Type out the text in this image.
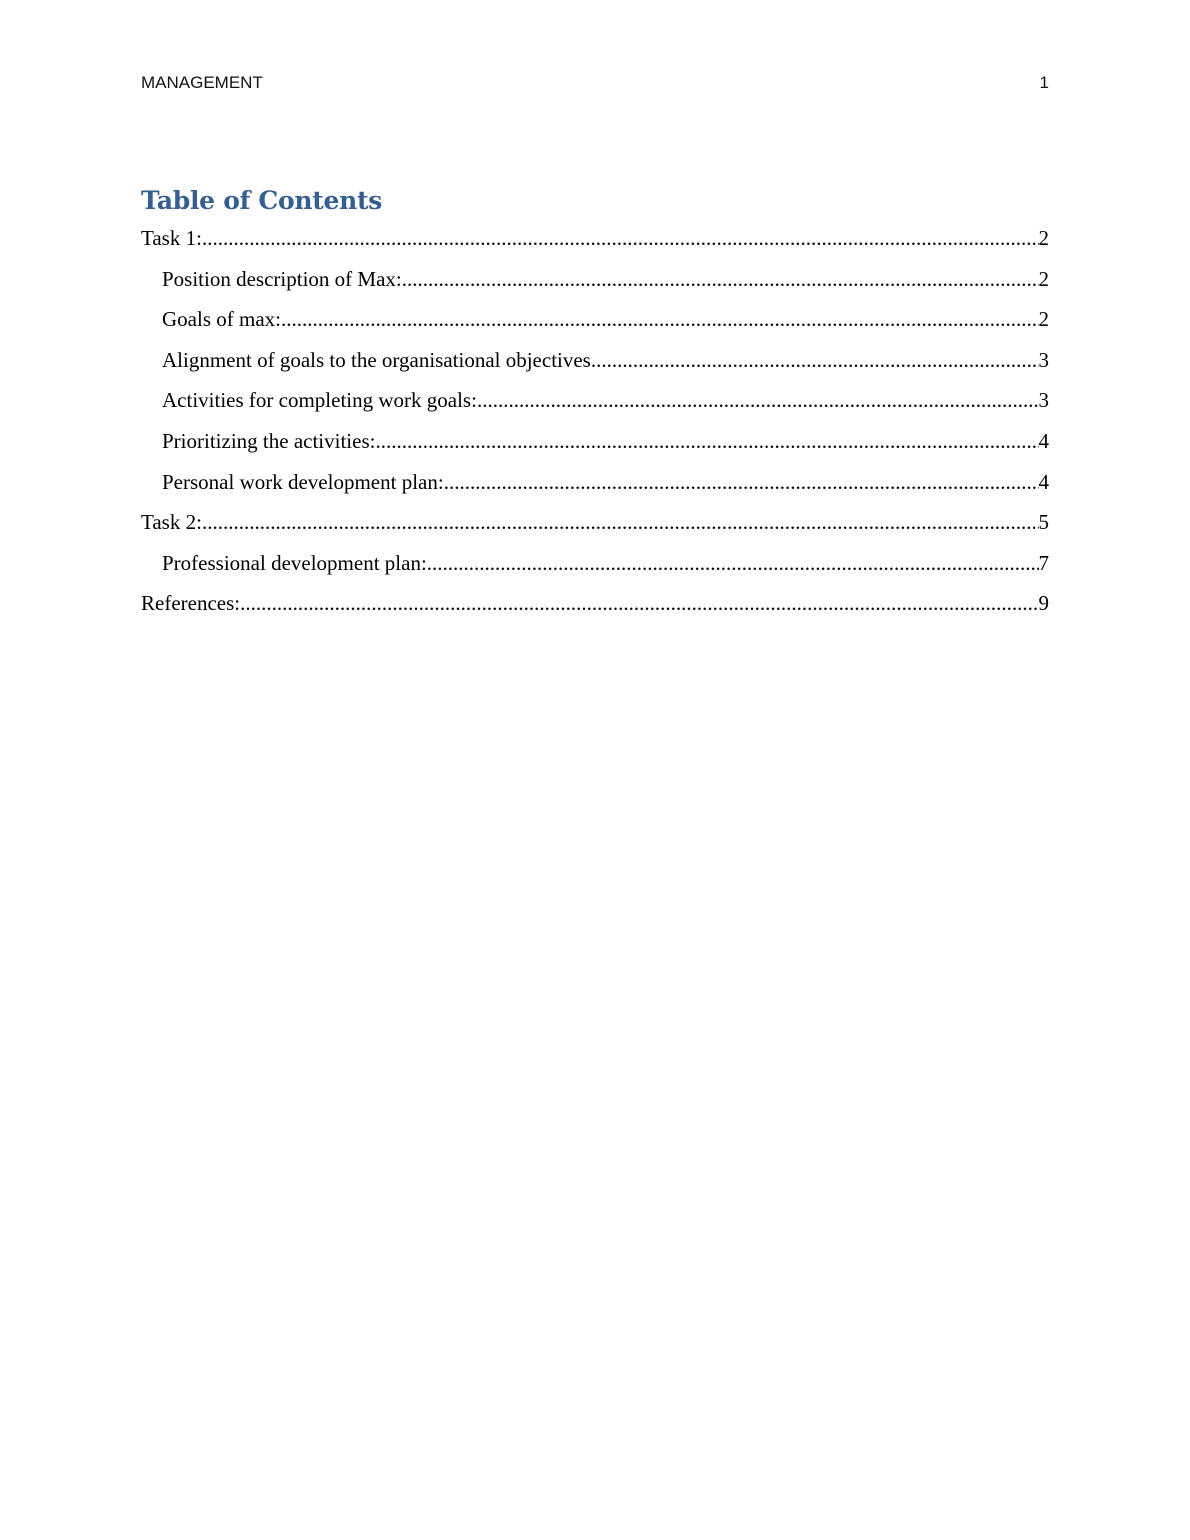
MANAGEMENT	1
Table of Contents
Task 1: .....	2
Position description of Max: .....	2
Goals of max: .....	2
Alignment of goals to the organisational objectives .....	3
Activities for completing work goals: .....	3
Prioritizing the activities: .....	4
Personal work development plan: .....	4
Task 2: .....	5
Professional development plan: .....	7
References: .....	9
